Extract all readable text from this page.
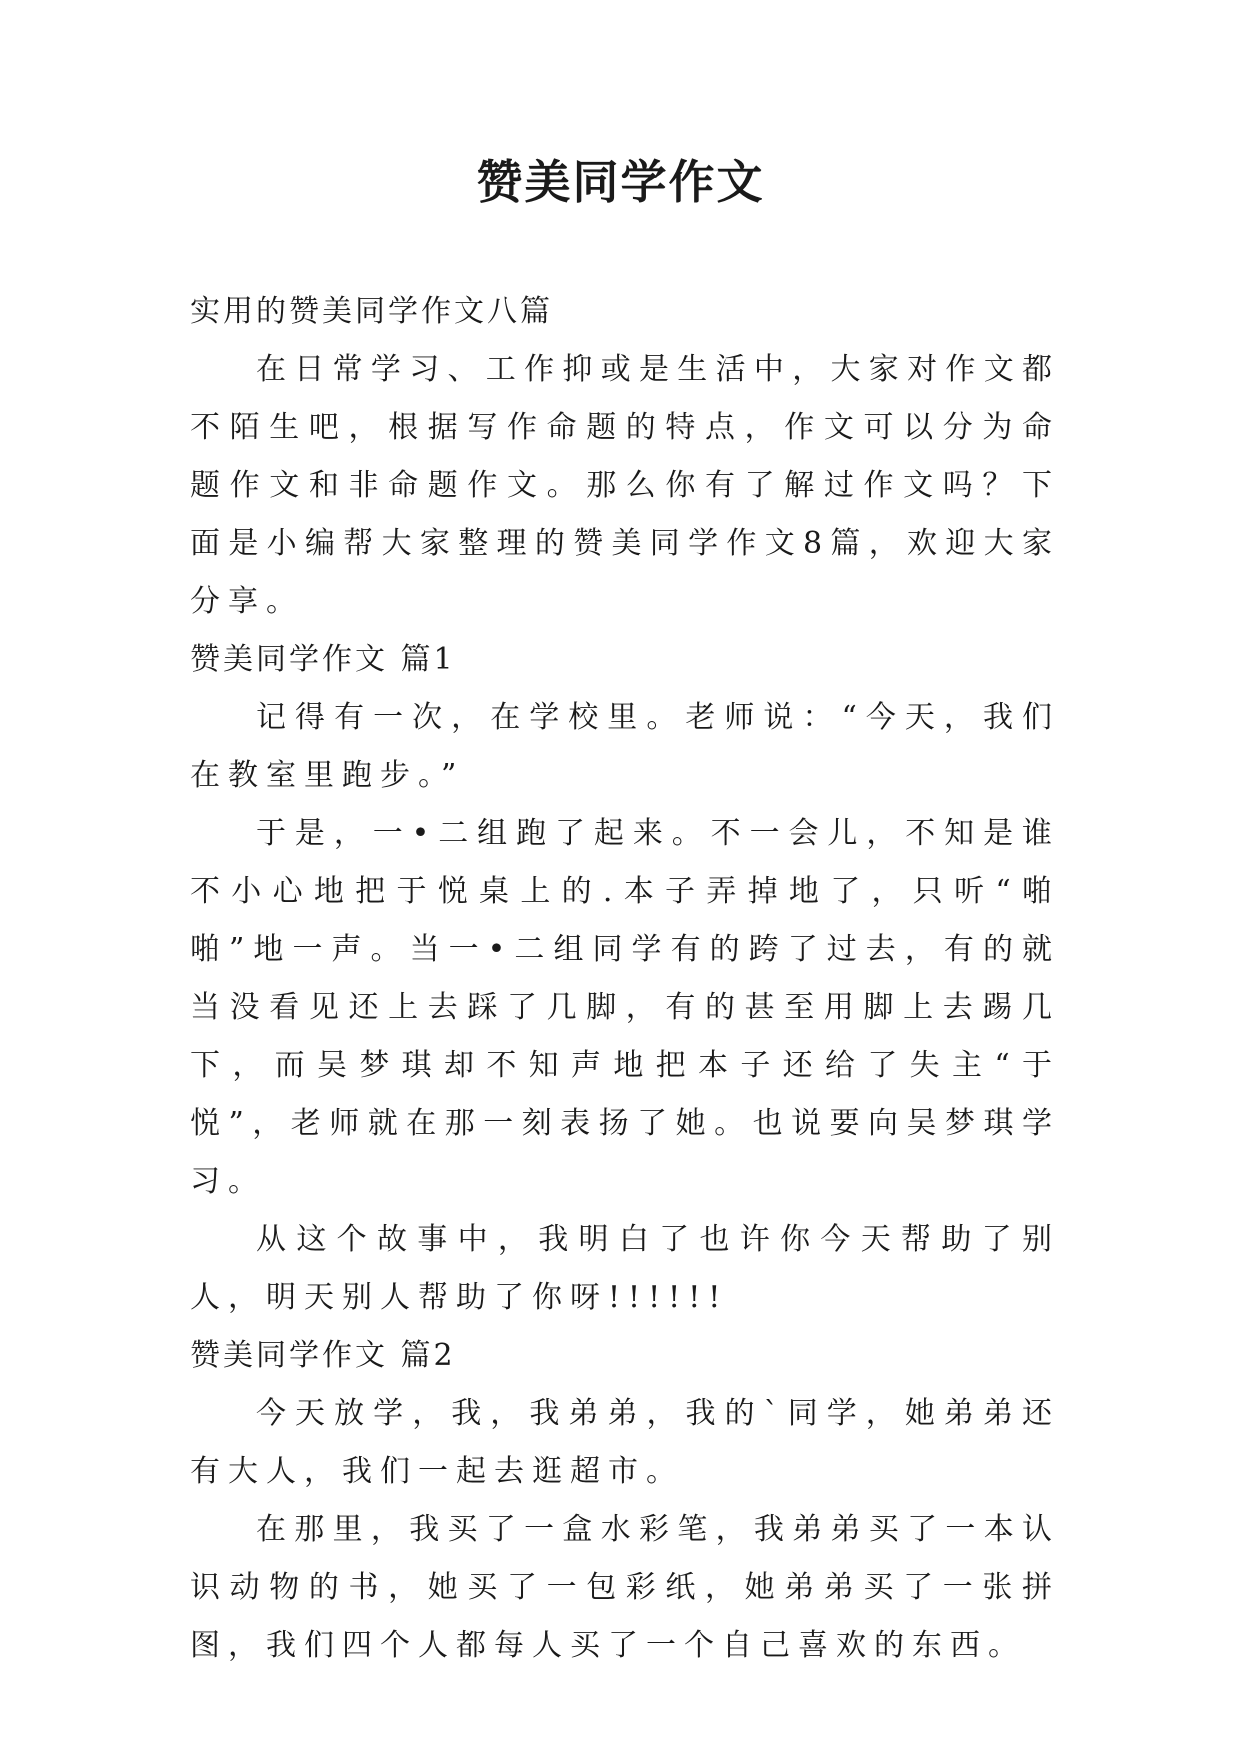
赞美同学作文

实用的赞美同学作文八篇

在日常学习、工作抑或是生活中，大家对作文都不陌生吧，根据写作命题的特点，作文可以分为命题作文和非命题作文。那么你有了解过作文吗？下面是小编帮大家整理的赞美同学作文8篇，欢迎大家分享。

赞美同学作文 篇1

记得有一次，在学校里。老师说：“今天，我们在教室里跑步。”

于是，一•二组跑了起来。不一会儿，不知是谁不小心地把于悦桌上的.本子弄掉地了，只听“啪啪”地一声。当一•二组同学有的跨了过去，有的就当没看见还上去踩了几脚，有的甚至用脚上去踢几下，而吴梦琪却不知声地把本子还给了失主“于悦”，老师就在那一刻表扬了她。也说要向吴梦琪学习。

从这个故事中，我明白了也许你今天帮助了别人，明天别人帮助了你呀!!!!!!

赞美同学作文 篇2

今天放学，我，我弟弟，我的`同学，她弟弟还有大人，我们一起去逛超市。

在那里，我买了一盒水彩笔，我弟弟买了一本认识动物的书，她买了一包彩纸，她弟弟买了一张拼图，我们四个人都每人买了一个自己喜欢的东西。
